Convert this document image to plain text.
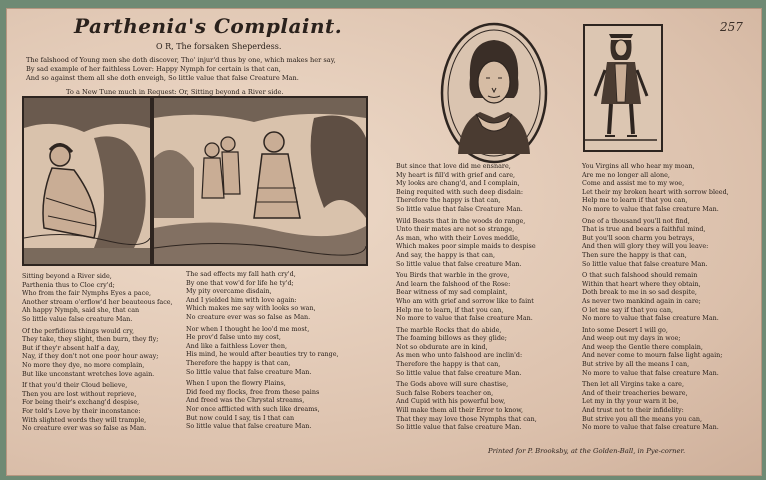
Parthenia's Complaint.
O R, The forsaken Sheperdess.
257
The falshood of Young men she doth discover, Tho' injur'd thus by one, which makes her say,
By sad example of her faithless Lover: Happy Nymph for certain is that can,
And so against them all she doth enveigh, So little value that false Creature Man.
To a New Tune much in Request: Or, Sitting beyond a River side.
Sitting beyond a River side,
Parthenia thus to Cloe cry'd;
Who from the fair Nymphs Eyes a pace,
Another stream o'erflow'd her beauteous face,
Ah happy Nymph, said she, that can
So little value false creature Man.
Of the perfidious things would cry,
They take, they slight, then burn, they fly;
But if they'r absent half a day,
Nay, if they don't not one poor hour away;
No more they dye, no more complain,
But like unconstant wretches love again.
If that you'd their Cloud believe,
Then you are lost without reprieve,
For being their's exchang'd despise,
For told's Love by their inconstance:
With slighted words they will trample,
No creature ever was so false as Man.
The sad effects my fall hath cry'd,
By one that vow'd for life he ty'd;
My pity overcame disdain,
And I yielded him with love again:
Which makes me say with looks so wan,
No creature ever was so false as Man.
Nor when I thought he loo'd me most,
He prov'd false unto my cost,
And like a faithless Lover then,
His mind, he would after beauties try to range,
Therefore the happy is that can,
So little value that false creature Man.
When I upon the flowry Plains,
Did feed my flocks, free from these pains
And freed was the Chrystal streams,
Nor once afflicted with such like dreams,
But now could I say, tis I that can
So little value that false creature Man.
But since that love did me ensnare,
My heart is fill'd with grief and care,
My looks are chang'd, and I complain,
Being requited with such deep disdain:
Therefore the happy is that can,
So little value that false Creature Man.
Wild Beasts that in the woods do range,
Unto their mates are not so strange,
As man, who with their Loves meddle,
Which makes poor simple maids to despise
And say, the happy is that can,
So little value that false creature Man.
You Birds that warble in the grove,
And learn the falshood of the Rose:
Bear witness of my sad complaint,
Who am with grief and sorrow like to faint
Help me to learn, if that you can,
No more to value that false creature Man.
The marble Rocks that do abide,
The foaming billows as they glide;
Not so obdurate are in kind,
As men who unto falshood are inclin'd:
Therefore the happy is that can,
So little value that false creature Man.
The Gods above will sure chastise,
Such false Robers teacher on,
And Cupid with his powerful bow,
Will make them all their Error to know,
That they may love those Nymphs that can,
So little value that false creature Man.
You Virgins all who hear my moan,
Are me no longer all alone,
Come and assist me to my woe,
Let their my broken heart with sorrow bleed,
Help me to learn if that you can,
No more to value that false creature Man.
One of a thousand you'll not find,
That is true and bears a faithful mind,
But you'll soon charm you betrays,
And then will glory they will you leave:
Then sure the happy is that can,
So little value that false creature Man.
O that such falshood should remain
Within that heart where they obtain,
Doth break to me in so sad despite,
As never two mankind again in care;
O let me say if that you can,
No more to value that false creature Man.
Into some Desert I will go,
And weep out my days in woe;
And weep the Gentle there complain,
And never come to mourn false light again;
But strive by all the means I can,
No more to value that false creature Man.
Then let all Virgins take a care,
And of their treacheries beware,
Let my in thy your warn it be,
And trust not to their infidelity:
But strive you all the means you can,
No more to value that false creature Man.
Printed for P. Brooksby, at the Golden-Ball, in Pye-corner.
